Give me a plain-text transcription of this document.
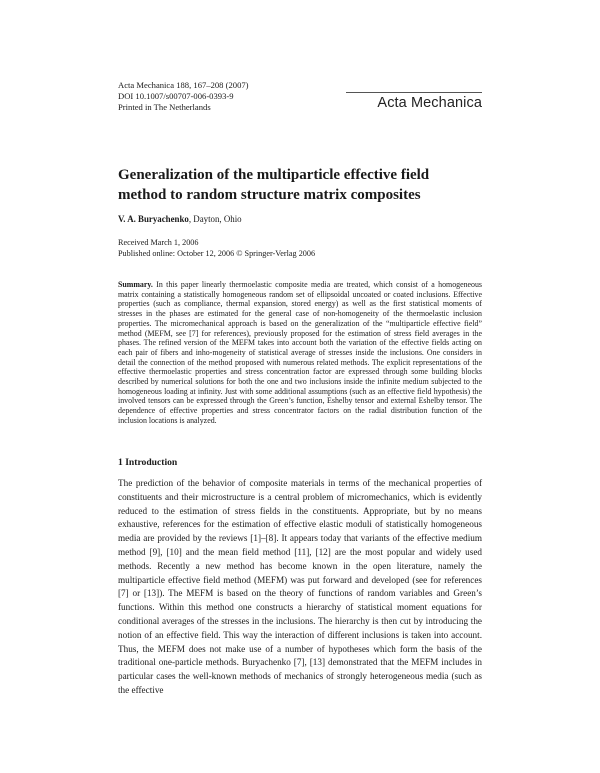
Acta Mechanica 188, 167–208 (2007)
DOI 10.1007/s00707-006-0393-9
Printed in The Netherlands	Acta Mechanica
Generalization of the multiparticle effective field
method to random structure matrix composites
V. A. Buryachenko, Dayton, Ohio
Received March 1, 2006
Published online: October 12, 2006 © Springer-Verlag 2006
Summary. In this paper linearly thermoelastic composite media are treated, which consist of a homogeneous matrix containing a statistically homogeneous random set of ellipsoidal uncoated or coated inclusions. Effective properties (such as compliance, thermal expansion, stored energy) as well as the first statistical moments of stresses in the phases are estimated for the general case of non-homogeneity of the thermoelastic inclusion properties. The micromechanical approach is based on the generalization of the “multiparticle effective field” method (MEFM, see [7] for references), previously proposed for the estimation of stress field averages in the phases. The refined version of the MEFM takes into account both the variation of the effective fields acting on each pair of fibers and inho-mogeneity of statistical average of stresses inside the inclusions. One considers in detail the connection of the method proposed with numerous related methods. The explicit representations of the effective thermoelastic properties and stress concentration factor are expressed through some building blocks described by numerical solutions for both the one and two inclusions inside the infinite medium subjected to the homogeneous loading at infinity. Just with some additional assumptions (such as an effective field hypothesis) the involved tensors can be expressed through the Green’s function, Eshelby tensor and external Eshelby tensor. The dependence of effective properties and stress concentrator factors on the radial distribution function of the inclusion locations is analyzed.
1 Introduction
The prediction of the behavior of composite materials in terms of the mechanical properties of constituents and their microstructure is a central problem of micromechanics, which is evidently reduced to the estimation of stress fields in the constituents. Appropriate, but by no means exhaustive, references for the estimation of effective elastic moduli of statistically homogeneous media are provided by the reviews [1]–[8]. It appears today that variants of the effective medium method [9], [10] and the mean field method [11], [12] are the most popular and widely used methods. Recently a new method has become known in the open literature, namely the multiparticle effective field method (MEFM) was put forward and developed (see for references [7] or [13]). The MEFM is based on the theory of functions of random variables and Green’s functions. Within this method one constructs a hierarchy of statistical moment equations for conditional averages of the stresses in the inclusions. The hierarchy is then cut by introducing the notion of an effective field. This way the interaction of different inclusions is taken into account. Thus, the MEFM does not make use of a number of hypotheses which form the basis of the traditional one-particle methods. Buryachenko [7], [13] demonstrated that the MEFM includes in particular cases the well-known methods of mechanics of strongly heterogeneous media (such as the effective
